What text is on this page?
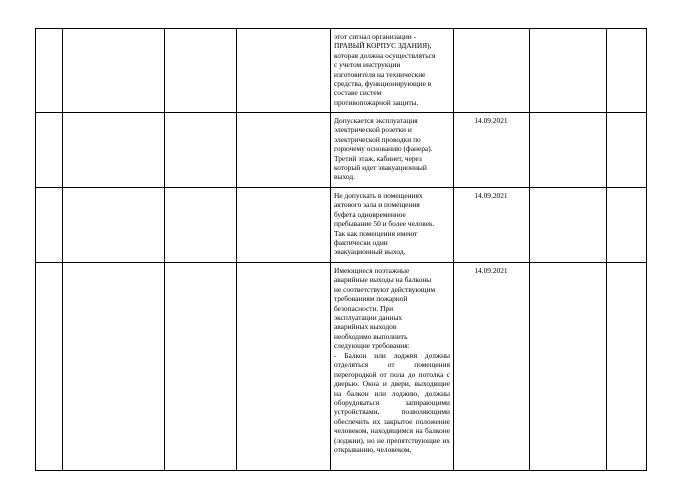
этот сигнал организации -
ПРАВЫЙ КОРПУС ЗДАНИЯ),
которая должна осуществляться
с учетом инструкции
изготовителя на технические
средства, функционирующие в
составе систем
противопожарной защиты.
Допускается эксплуатация
электрической розетки и
электрической проводки по
горючему основанию (фанера).
Третий этаж, кабинет, через
который идет эвакуационный
выход.
14.09.2021
Не допускать в помещениях
актового зала и помещения
буфета одновременное
пребывание 50 и более человек.
Так как помещения имеют
фактически один
эвакуационный выход.
14.09.2021
Имеющиеся поэтажные
аварийные выходы на балконы
не соответствуют действующим
требованиям пожарной
безопасности. При
эксплуатации данных
аварийных выходов
необходимо выполнить
следующие требования:
- Балкон или лоджия должны отделяться от помещения перегородкой от пола до потолка с дверью. Окна и двери, выходящие на балкон или лоджию, должны оборудоваться запирающими устройствами, позволяющими обеспечить их закрытое положение человеком, находящимся на балконе (лоджии), но не препятствующие их открыванию, человеком,
14.09.2021
